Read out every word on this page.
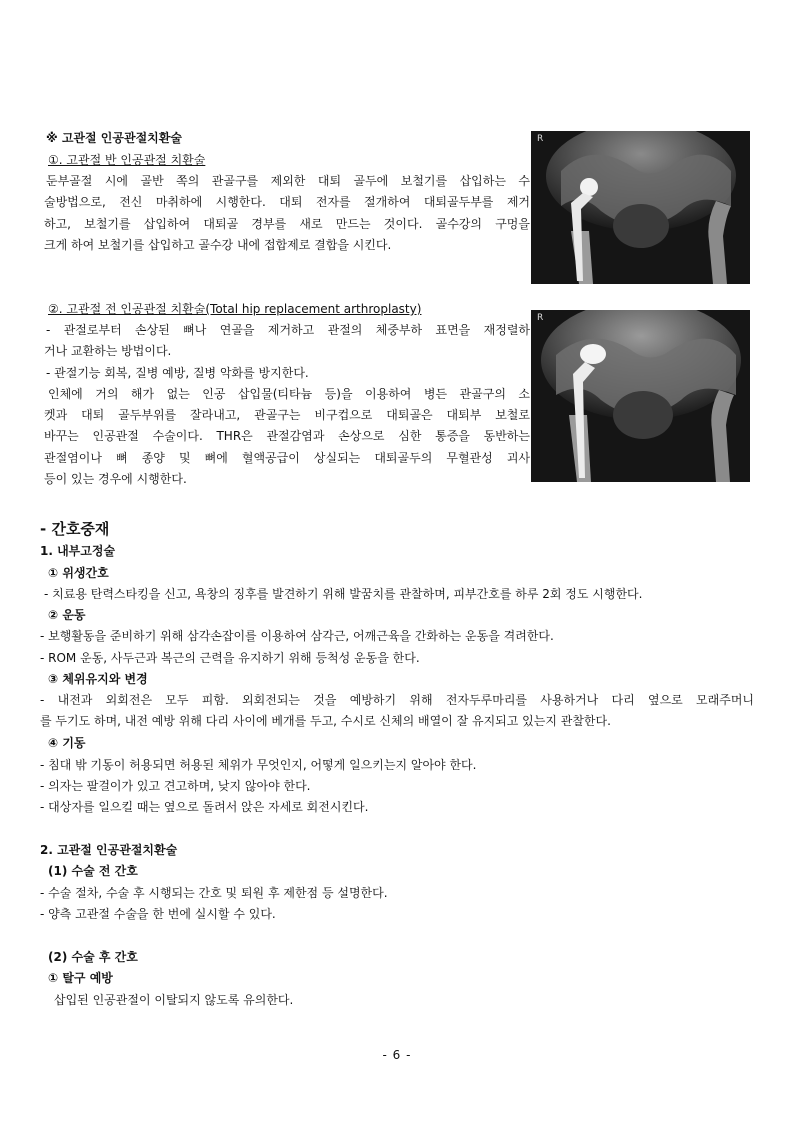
※ 고관절 인공관절치환술
①. 고관절 반 인공관절 치환술
둔부골절 시에 골반 쪽의 관골구를 제외한 대퇴 골두에 보철기를 삽입하는 수
술방법으로, 전신 마취하에 시행한다. 대퇴 전자를 절개하여 대퇴골두부를 제거
하고, 보철기를 삽입하여 대퇴골 경부를 새로 만드는 것이다. 골수강의 구멍을
크게 하여 보철기를 삽입하고 골수강 내에 접합제로 결합을 시킨다.
R
②. 고관절 전 인공관절 치환술(Total hip replacement arthroplasty)
- 관절로부터 손상된 뼈나 연골을 제거하고 관절의 체중부하 표면을 재정렬하
거나 교환하는 방법이다.
- 관절기능 회복, 질병 예방, 질병 악화를 방지한다.
인체에 거의 해가 없는 인공 삽입물(티타늄 등)을 이용하여 병든 관골구의 소
켓과 대퇴 골두부위를 잘라내고, 관골구는 비구컵으로 대퇴골은 대퇴부 보철로
바꾸는 인공관절 수술이다. THR은 관절감염과 손상으로 심한 통증을 동반하는
관절염이나 뼈 종양 및 뼈에 혈액공급이 상실되는 대퇴골두의 무혈관성 괴사
등이 있는 경우에 시행한다.
R
- 간호중재
1. 내부고정술
① 위생간호
- 치료용 탄력스타킹을 신고, 욕창의 징후를 발견하기 위해 발꿈치를 관찰하며, 피부간호를 하루 2회 정도 시행한다.
② 운동
- 보행활동을 준비하기 위해 삼각손잡이를 이용하여 삼각근, 어깨근육을 간화하는 운동을 격려한다.
- ROM 운동, 사두근과 복근의 근력을 유지하기 위해 등척성 운동을 한다.
③ 체위유지와 변경
- 내전과 외회전은 모두 피함. 외회전되는 것을 예방하기 위해 전자두루마리를 사용하거나 다리 옆으로 모래주머니
를 두기도 하며, 내전 예방 위해 다리 사이에 베개를 두고, 수시로 신체의 배열이 잘 유지되고 있는지 관찰한다.
④ 기동
- 침대 밖 기동이 허용되면 허용된 체위가 무엇인지, 어떻게 일으키는지 알아야 한다.
- 의자는 팔걸이가 있고 견고하며, 낮지 않아야 한다.
- 대상자를 일으킬 때는 옆으로 돌려서 앉은 자세로 회전시킨다.
2. 고관절 인공관절치환술
(1) 수술 전 간호
- 수술 절차, 수술 후 시행되는 간호 및 퇴원 후 제한점 등 설명한다.
- 양측 고관절 수술을 한 번에 실시할 수 있다.
(2) 수술 후 간호
① 탈구 예방
삽입된 인공관절이 이탈되지 않도록 유의한다.
- 6 -
